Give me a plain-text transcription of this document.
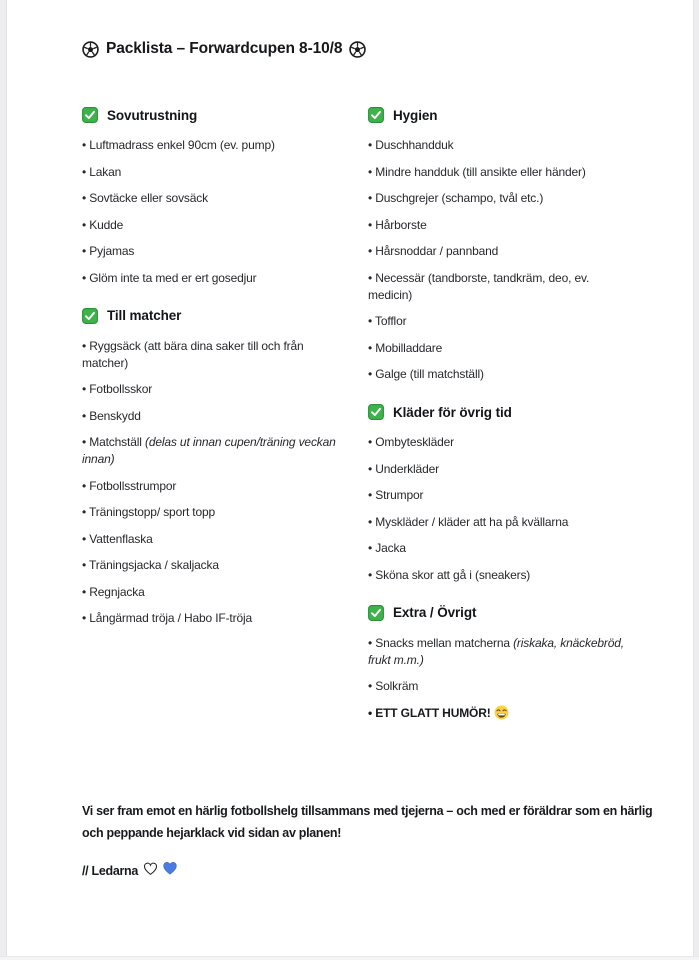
Packlista – Forwardcupen 8-10/8
Sovutrustning
• Luftmadrass enkel 90cm (ev. pump)
• Lakan
• Sovtäcke eller sovsäck
• Kudde
• Pyjamas
• Glöm inte ta med er ert gosedjur
Till matcher
• Ryggsäck (att bära dina saker till och från matcher)
• Fotbollsskor
• Benskydd
• Matchställ (delas ut innan cupen/träning veckan innan)
• Fotbollsstrumpor
• Träningstopp/ sport topp
• Vattenflaska
• Träningsjacka / skaljacka
• Regnjacka
• Långärmad tröja / Habo IF-tröja
Hygien
• Duschhandduk
• Mindre handduk (till ansikte eller händer)
• Duschgrejer (schampo, tvål etc.)
• Hårborste
• Hårsnoddar / pannband
• Necessär (tandborste, tandkräm, deo, ev. medicin)
• Tofflor
• Mobilladdare
• Galge (till matchställ)
Kläder för övrig tid
• Ombyteskläder
• Underkläder
• Strumpor
• Myskläder / kläder att ha på kvällarna
• Jacka
• Sköna skor att gå i (sneakers)
Extra / Övrigt
• Snacks mellan matcherna (riskaka, knäckebröd, frukt m.m.)
• Solkräm
• ETT GLATT HUMÖR!

Vi ser fram emot en härlig fotbollshelg tillsammans med tjejerna – och med er föräldrar som en härlig och peppande hejarklack vid sidan av planen!

// Ledarna
